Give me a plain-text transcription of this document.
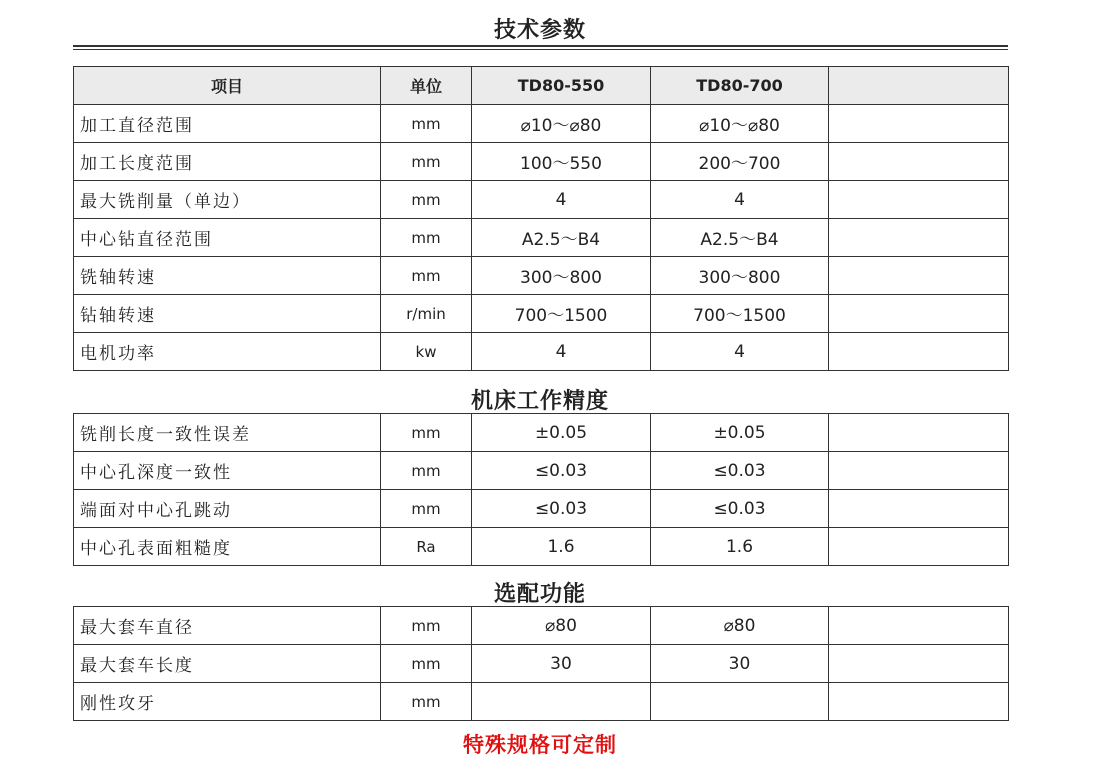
技术参数
项目	单位	TD80-550	TD80-700	
加工直径范围	mm	⌀10～⌀80	⌀10～⌀80	
加工长度范围	mm	100～550	200～700	
最大铣削量（单边）	mm	4	4	
中心钻直径范围	mm	A2.5～B4	A2.5～B4	
铣轴转速	mm	300～800	300～800	
钻轴转速	r/min	700～1500	700～1500	
电机功率	kw	4	4	
机床工作精度
铣削长度一致性误差	mm	±0.05	±0.05	
中心孔深度一致性	mm	≤0.03	≤0.03	
端面对中心孔跳动	mm	≤0.03	≤0.03	
中心孔表面粗糙度	Ra	1.6	1.6	
选配功能
最大套车直径	mm	⌀80	⌀80	
最大套车长度	mm	30	30	
刚性攻牙	mm			
特殊规格可定制
